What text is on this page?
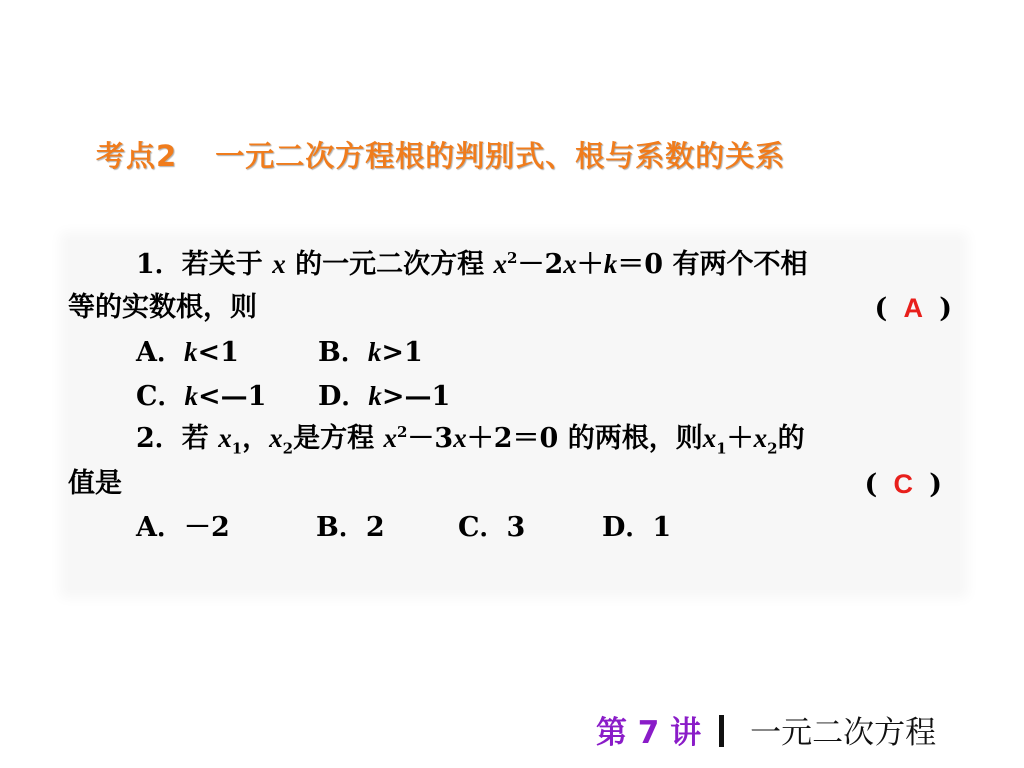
考点2 一元二次方程根的判别式、根与系数的关系
1．若关于 x 的一元二次方程 $x^2-2x+k=0$ 有两个不相
等的实数根，则	( A )
A．k<1	B．k>1
C．k<—1 D．k>—1
2．若 $x_1$，$x_2$是方程 $x^2-3x+2=0$ 的两根，则$x_1+x_2$的
值是	( C )
A．－2	B．2	C．3	D．1
第 7 讲 一元二次方程
